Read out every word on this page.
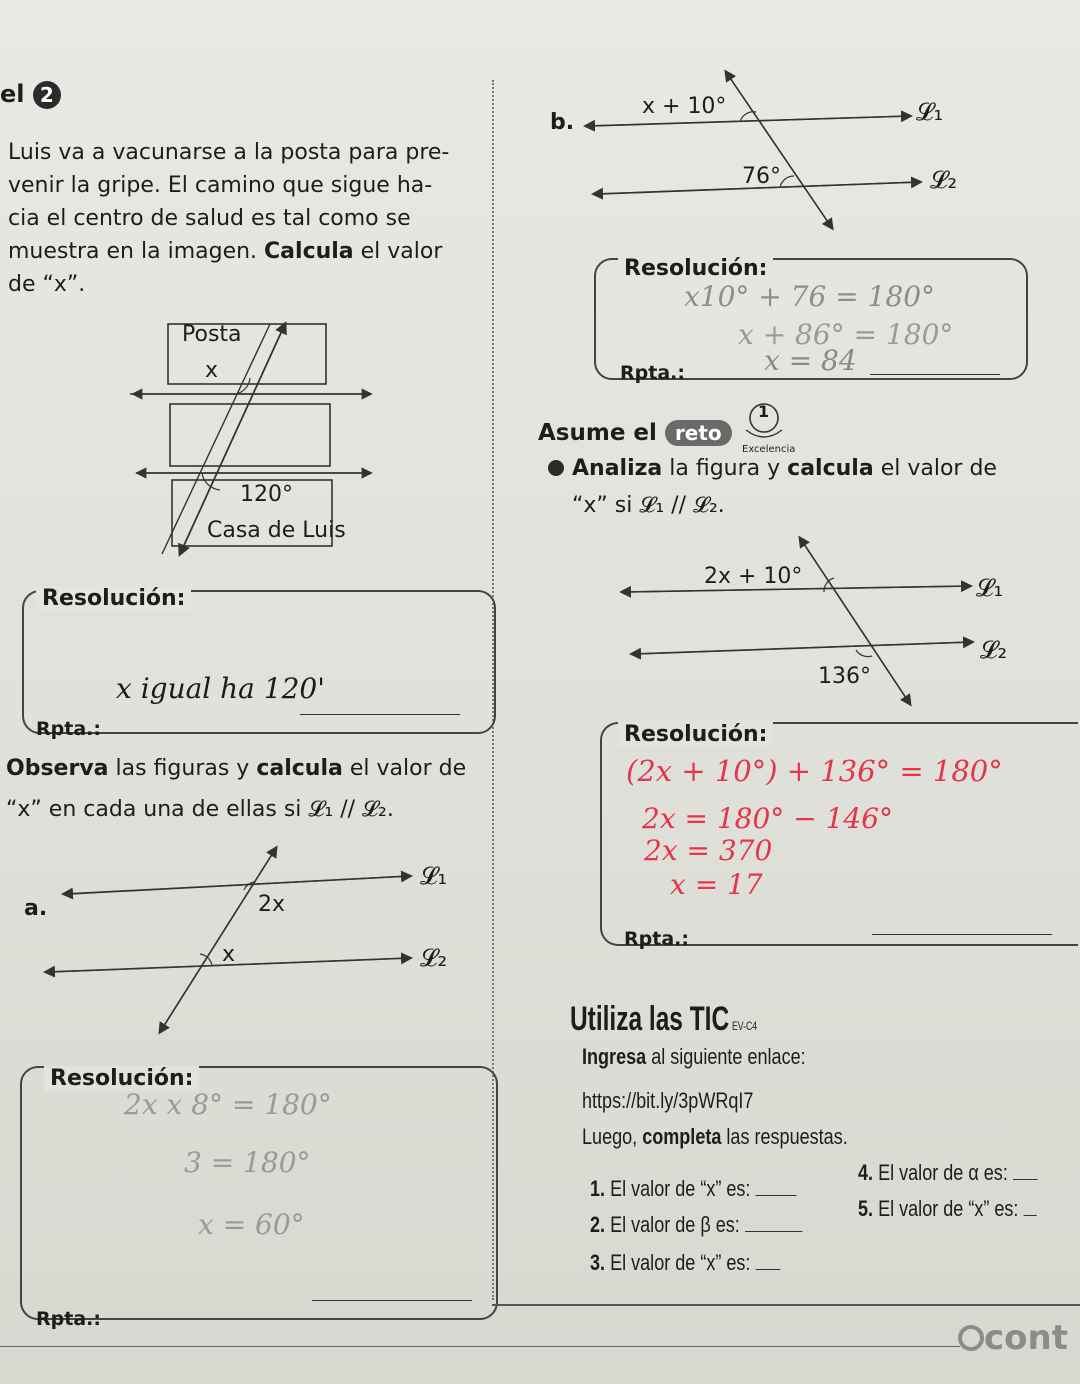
el 2
Luis va a vacunarse a la posta para pre-
venir la gripe. El camino que sigue ha-
cia el centro de salud es tal como se
muestra en la imagen. Calcula el valor
de “x”.
Posta
x
120°
Casa de Luis
Resolución:
Rpta.:
x igual ha 120'
Observa las figuras y calcula el valor de
“x” en cada una de ellas si 𝓛₁ // 𝓛₂.
a.	2x
x
𝓛₁
𝓛₂
Resolución:
2x x 8° = 180°
3 = 180°
x = 60°
Rpta.:
b.
x + 10°
76°
𝓛₁
𝓛₂
Resolución:
x10° + 76 = 180°
x + 86° = 180°
Rpta.:	x = 84
Asume el reto
1
Excelencia
Analiza la figura y calcula el valor de
“x” si 𝓛₁ // 𝓛₂.
2x + 10°
136°
𝓛₁
𝓛₂
Resolución:
(2x + 10°) + 136° = 180°
2x = 180° − 146°
2x = 370
x = 17
Rpta.:
Utiliza las TIC EV-C4
Ingresa al siguiente enlace:
https://bit.ly/3pWRqI7
Luego, completa las respuestas.
1. El valor de “x” es:
2. El valor de β es:
3. El valor de “x” es:
4. El valor de α es:
5. El valor de “x” es:
cont
